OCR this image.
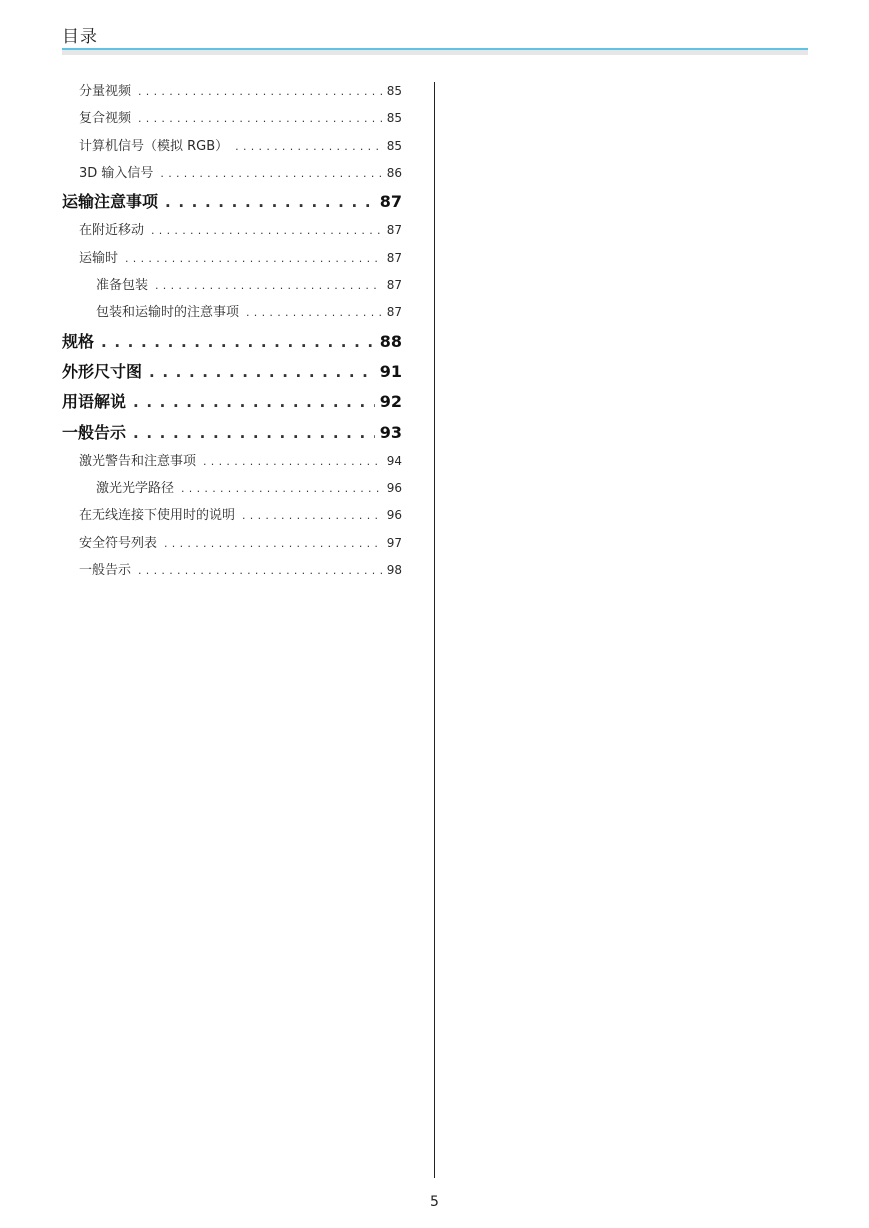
目录
分量视频 . . .	85
复合视频 . . .	85
计算机信号（模拟 RGB） . . .	85
3D 输入信号 . . .	86
运输注意事项 . . .	87
在附近移动 . . .	87
运输时 . . .	87
准备包装 . . .	87
包装和运输时的注意事项 . . .	87
规格 . . .	88
外形尺寸图 . . .	91
用语解说 . . .	92
一般告示 . . .	93
激光警告和注意事项 . . .	94
激光光学路径 . . .	96
在无线连接下使用时的说明 . . .	96
安全符号列表 . . .	97
一般告示 . . .	98
5
